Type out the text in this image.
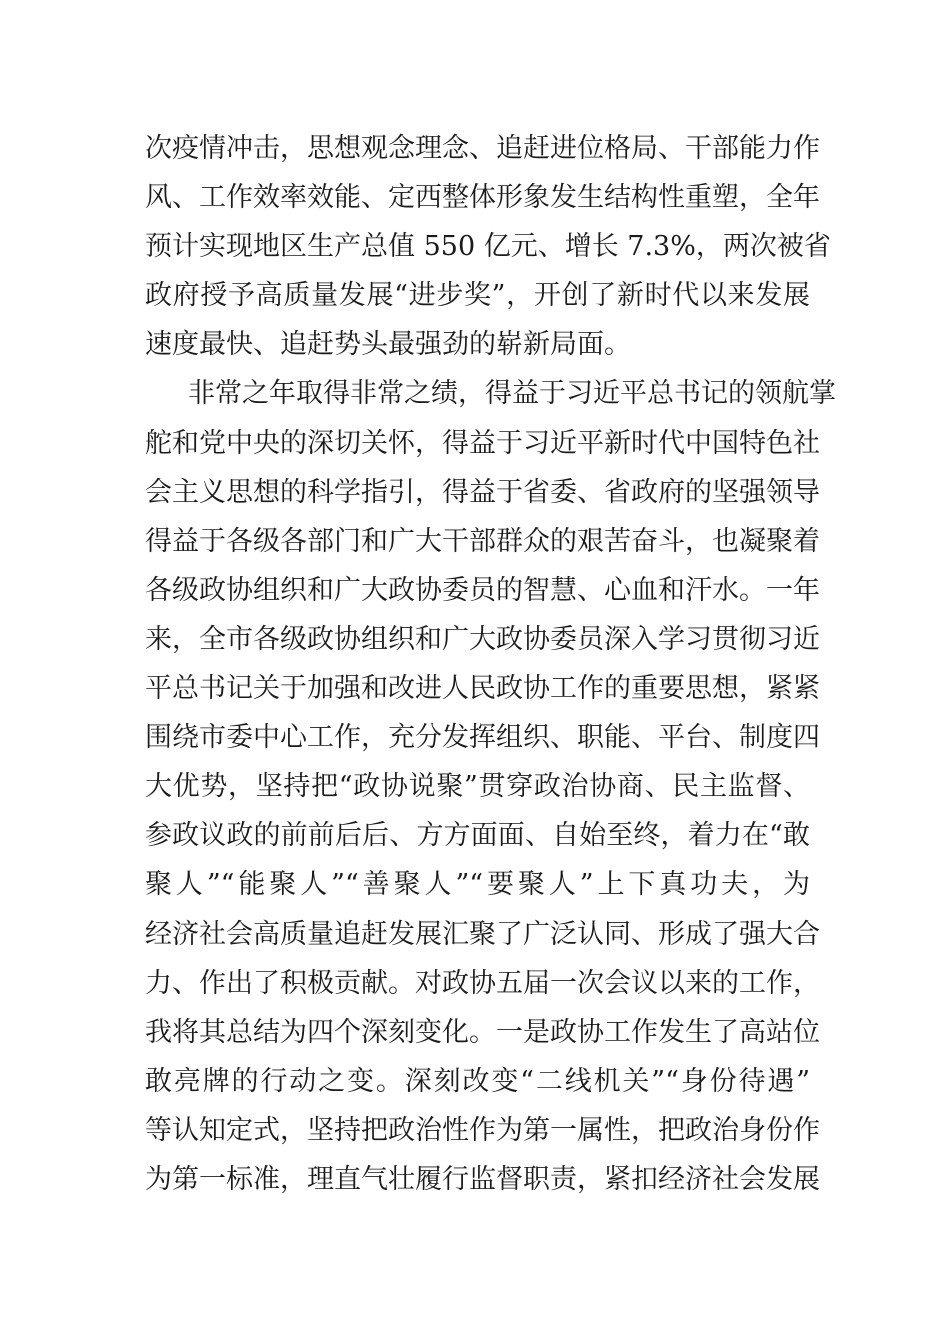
次疫情冲击，思想观念理念、追赶进位格局、干部能力作
风、工作效率效能、定西整体形象发生结构性重塑，全年
预计实现地区生产总值 550 亿元、增长 7.3%，两次被省
政府授予高质量发展“进步奖”，开创了新时代以来发展
速度最快、追赶势头最强劲的崭新局面。
非常之年取得非常之绩，得益于习近平总书记的领航掌
舵和党中央的深切关怀，得益于习近平新时代中国特色社
会主义思想的科学指引，得益于省委、省政府的坚强领导
得益于各级各部门和广大干部群众的艰苦奋斗，也凝聚着
各级政协组织和广大政协委员的智慧、心血和汗水。一年
来，全市各级政协组织和广大政协委员深入学习贯彻习近
平总书记关于加强和改进人民政协工作的重要思想，紧紧
围绕市委中心工作，充分发挥组织、职能、平台、制度四
大优势，坚持把“政协说聚”贯穿政治协商、民主监督、
参政议政的前前后后、方方面面、自始至终，着力在“敢
聚人”“能聚人”“善聚人”“要聚人”上下真功夫，为
经济社会高质量追赶发展汇聚了广泛认同、形成了强大合
力、作出了积极贡献。对政协五届一次会议以来的工作，
我将其总结为四个深刻变化。一是政协工作发生了高站位
敢亮牌的行动之变。深刻改变“二线机关”“身份待遇”
等认知定式，坚持把政治性作为第一属性，把政治身份作
为第一标准，理直气壮履行监督职责，紧扣经济社会发展
